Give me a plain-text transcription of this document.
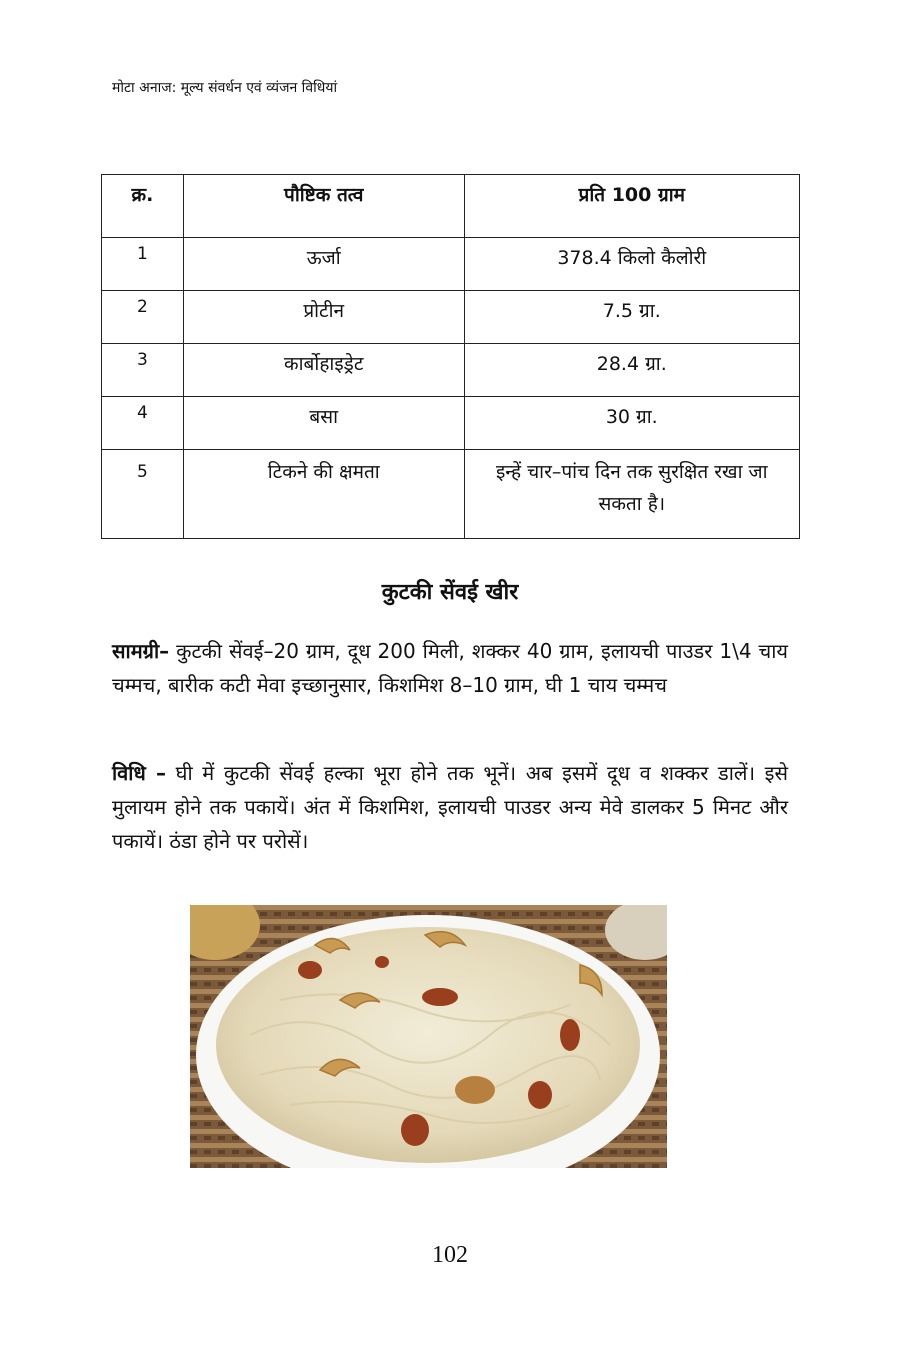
मोटा अनाज: मूल्य संवर्धन एवं व्यंजन विधियां
क्र.	पौष्टिक तत्व	प्रति 100 ग्राम
1	ऊर्जा	378.4 किलो कैलोरी
2	प्रोटीन	7.5 ग्रा.
3	कार्बोहाइड्रेट	28.4 ग्रा.
4	बसा	30 ग्रा.
5	टिकने की क्षमता	इन्हें चार–पांच दिन तक सुरक्षित रखा जा सकता है।
कुटकी सेंवई खीर

सामग्री– कुटकी सेंवई–20 ग्राम, दूध 200 मिली, शक्कर 40 ग्राम, इलायची पाउडर 1\4 चाय चम्मच, बारीक कटी मेवा इच्छानुसार, किशमिश 8–10 ग्राम, घी 1 चाय चम्मच

विधि – घी में कुटकी सेंवई हल्का भूरा होने तक भूनें। अब इसमें दूध व शक्कर डालें। इसे मुलायम होने तक पकायें। अंत में किशमिश, इलायची पाउडर अन्य मेवे डालकर 5 मिनट और पकायें। ठंडा होने पर परोसें।

102
